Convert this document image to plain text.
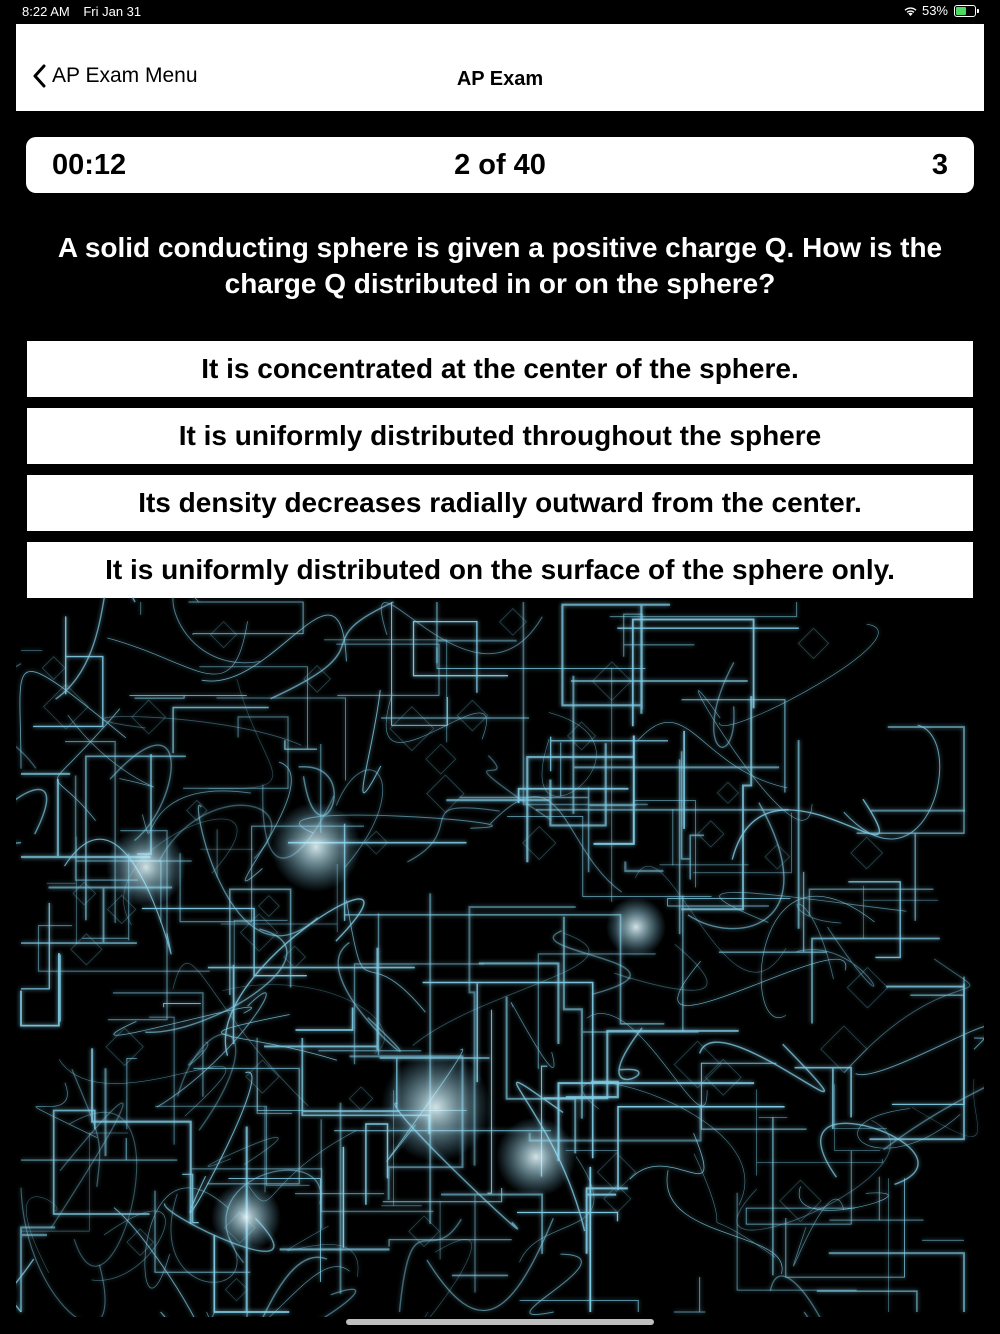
8:22 AM Fri Jan 31	53%
AP Exam Menu	AP Exam
00:12	2 of 40	3
A solid conducting sphere is given a positive charge Q. How is the charge Q distributed in or on the sphere?
It is concentrated at the center of the sphere.
It is uniformly distributed throughout the sphere
Its density decreases radially outward from the center.
It is uniformly distributed on the surface of the sphere only.
